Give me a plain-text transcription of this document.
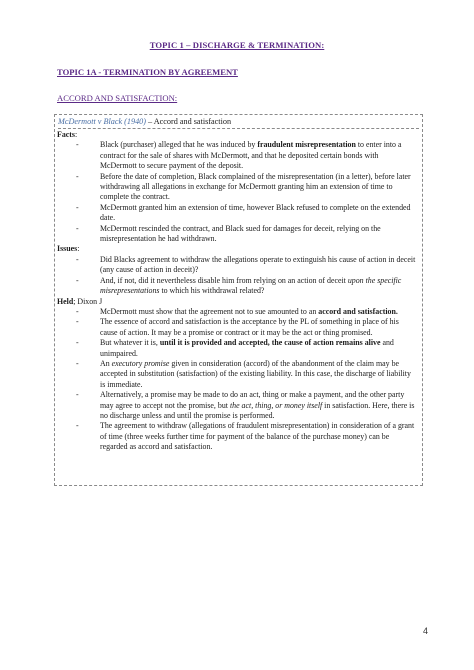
TOPIC 1 – DISCHARGE & TERMINATION:
TOPIC 1A - TERMINATION BY AGREEMENT
ACCORD AND SATISFACTION:
McDermott v Black (1940) – Accord and satisfaction
Facts:
-	Black (purchaser) alleged that he was induced by fraudulent misrepresentation to enter into a contract for the sale of shares with McDermott, and that he deposited certain bonds with McDermott to secure payment of the deposit.
-	Before the date of completion, Black complained of the misrepresentation (in a letter), before later withdrawing all allegations in exchange for McDermott granting him an extension of time to complete the contract.
-	McDermott granted him an extension of time, however Black refused to complete on the extended date.
-	McDermott rescinded the contract, and Black sued for damages for deceit, relying on the misrepresentation he had withdrawn.
Issues:
-	Did Blacks agreement to withdraw the allegations operate to extinguish his cause of action in deceit (any cause of action in deceit)?
-	And, if not, did it nevertheless disable him from relying on an action of deceit upon the specific misrepresentations to which his withdrawal related?
Held; Dixon J
-	McDermott must show that the agreement not to sue amounted to an accord and satisfaction.
-	The essence of accord and satisfaction is the acceptance by the PL of something in place of his cause of action. It may be a promise or contract or it may be the act or thing promised.
-	But whatever it is, until it is provided and accepted, the cause of action remains alive and unimpaired.
-	An executory promise given in consideration (accord) of the abandonment of the claim may be accepted in substitution (satisfaction) of the existing liability. In this case, the discharge of liability is immediate.
-	Alternatively, a promise may be made to do an act, thing or make a payment, and the other party may agree to accept not the promise, but the act, thing, or money itself in satisfaction. Here, there is no discharge unless and until the promise is performed.
-	The agreement to withdraw (allegations of fraudulent misrepresentation) in consideration of a grant of time (three weeks further time for payment of the balance of the purchase money) can be regarded as accord and satisfaction.
4
